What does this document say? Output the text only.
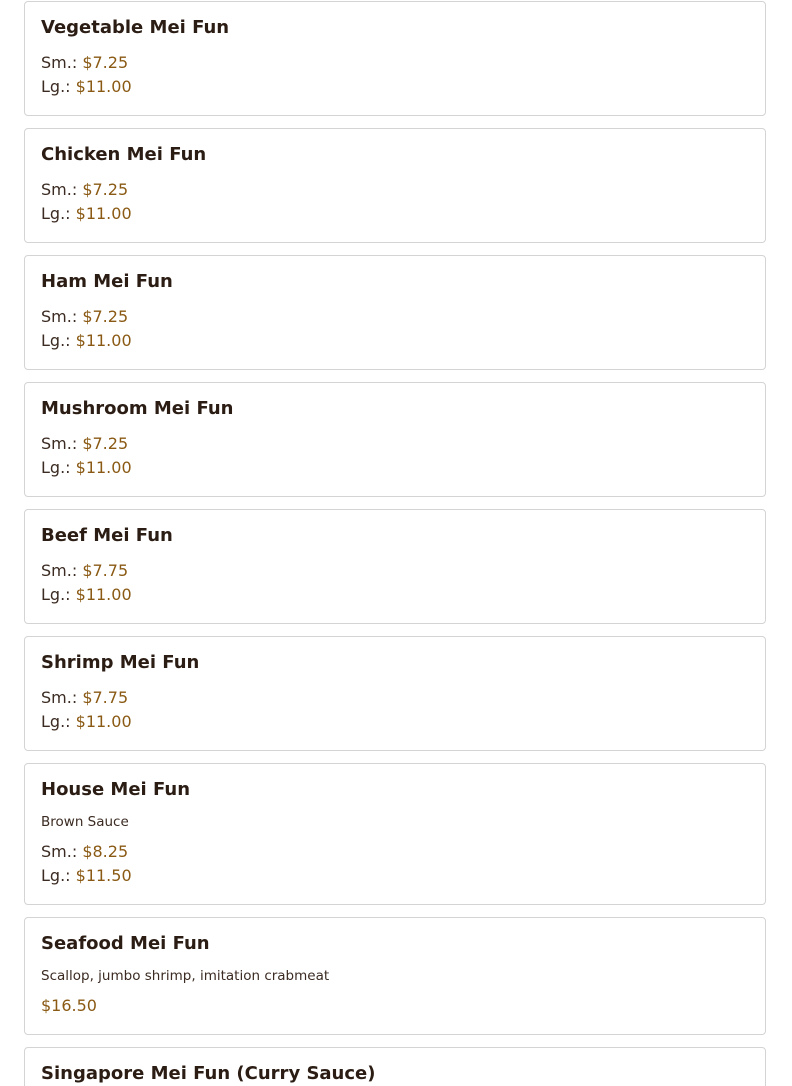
Vegetable Mei Fun
Sm.: $7.25
Lg.: $11.00
Chicken Mei Fun
Sm.: $7.25
Lg.: $11.00
Ham Mei Fun
Sm.: $7.25
Lg.: $11.00
Mushroom Mei Fun
Sm.: $7.25
Lg.: $11.00
Beef Mei Fun
Sm.: $7.75
Lg.: $11.00
Shrimp Mei Fun
Sm.: $7.75
Lg.: $11.00
House Mei Fun

Brown Sauce

Sm.: $8.25
Lg.: $11.50
Seafood Mei Fun

Scallop, jumbo shrimp, imitation crabmeat

$16.50
Singapore Mei Fun (Curry Sauce)
